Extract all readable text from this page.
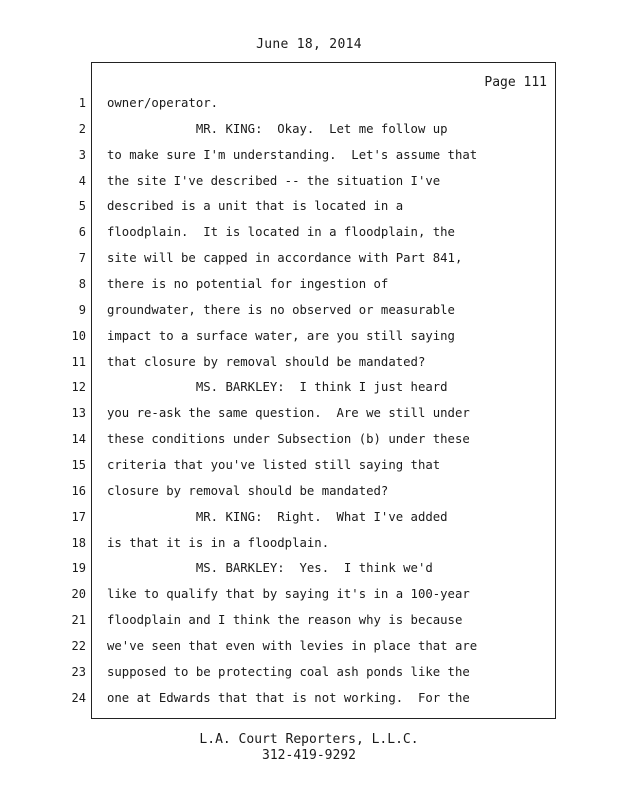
June 18, 2014
Page 111
1
2
3
4
5
6
7
8
9
10
11
12
13
14
15
16
17
18
19
20
21
22
23
24
owner/operator.
MR. KING:  Okay.  Let me follow up
to make sure I'm understanding.  Let's assume that
the site I've described -- the situation I've
described is a unit that is located in a
floodplain.  It is located in a floodplain, the
site will be capped in accordance with Part 841,
there is no potential for ingestion of
groundwater, there is no observed or measurable
impact to a surface water, are you still saying
that closure by removal should be mandated?
MS. BARKLEY:  I think I just heard
you re-ask the same question.  Are we still under
these conditions under Subsection (b) under these
criteria that you've listed still saying that
closure by removal should be mandated?
MR. KING:  Right.  What I've added
is that it is in a floodplain.
MS. BARKLEY:  Yes.  I think we'd
like to qualify that by saying it's in a 100-year
floodplain and I think the reason why is because
we've seen that even with levies in place that are
supposed to be protecting coal ash ponds like the
one at Edwards that that is not working.  For the
L.A. Court Reporters, L.L.C.
312-419-9292
